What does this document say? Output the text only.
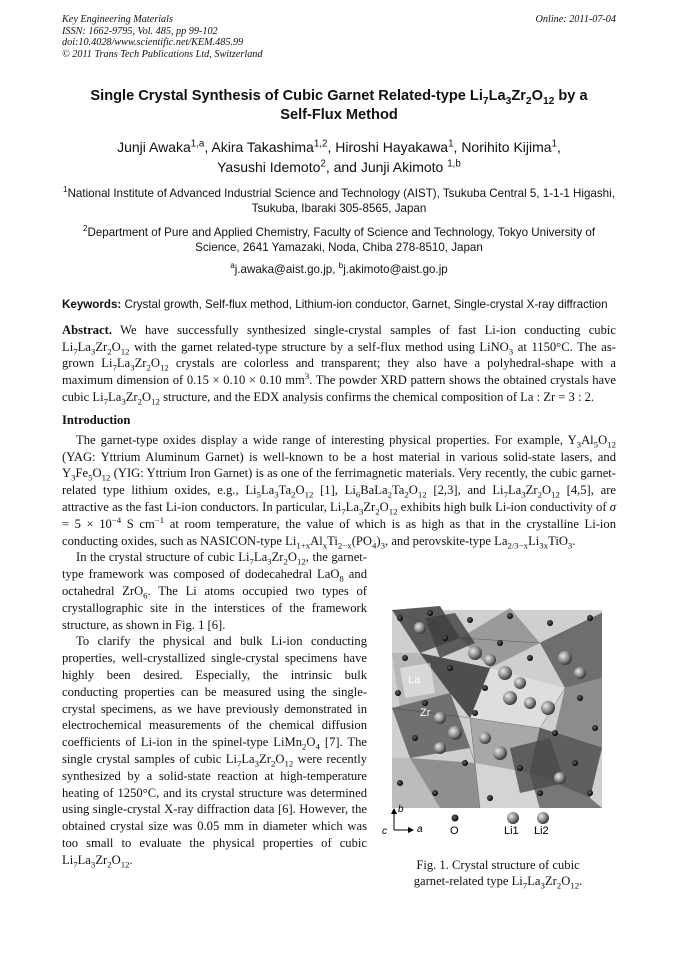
Key Engineering Materials
ISSN: 1662-9795, Vol. 485, pp 99-102
doi:10.4028/www.scientific.net/KEM.485.99
© 2011 Trans Tech Publications Ltd, Switzerland
Online: 2011-07-04
Single Crystal Synthesis of Cubic Garnet Related-type $Li_7La_3Zr_2O_{12}$ by a
Self-Flux Method
Junji Awaka$^{1,a}$, Akira Takashima$^{1,2}$, Hiroshi Hayakawa$^1$, Norihito Kijima$^1$,
Yasushi Idemoto$^2$, and Junji Akimoto $^{1,b}$
$^1$National Institute of Advanced Industrial Science and Technology (AIST), Tsukuba Central 5, 1-1-1 Higashi, Tsukuba, Ibaraki 305-8565, Japan
$^2$Department of Pure and Applied Chemistry, Faculty of Science and Technology, Tokyo University of Science, 2641 Yamazaki, Noda, Chiba 278-8510, Japan
$^a$j.awaka@aist.go.jp, $^b$j.akimoto@aist.go.jp
Keywords: Crystal growth, Self-flux method, Lithium-ion conductor, Garnet, Single-crystal X-ray diffraction
Abstract. We have successfully synthesized single-crystal samples of fast Li-ion conducting cubic $Li_7La_3Zr_2O_{12}$ with the garnet related-type structure by a self-flux method using LiNO$_3$ at 1150°C. The as-grown $Li_7La_3Zr_2O_{12}$ crystals are colorless and transparent; they also have a polyhedral-shape with a maximum dimension of 0.15 × 0.10 × 0.10 $mm^3$. The powder XRD pattern shows the obtained crystals have cubic $Li_7La_3Zr_2O_{12}$ structure, and the EDX analysis confirms the chemical composition of La : Zr = 3 : 2.
Introduction

The garnet-type oxides display a wide range of interesting physical properties. For example, $Y_3Al_5O_{12}$ (YAG: Yttrium Aluminum Garnet) is well-known to be a host material in various solid-state lasers, and $Y_3Fe_5O_{12}$ (YIG: Yttrium Iron Garnet) is as one of the ferrimagnetic materials. Very recently, the cubic garnet-related type lithium oxides, e.g., $Li_5La_3Ta_2O_{12}$ [1], $Li_6BaLa_2Ta_2O_{12}$ [2,3], and $Li_7La_3Zr_2O_{12}$ [4,5], are attractive as the fast Li-ion conductors. In particular, $Li_7La_3Zr_2O_{12}$ exhibits high bulk Li-ion conductivity of $\sigma = 5 \times 10^{-4}$ S $cm^{-1}$ at room temperature, the value of which is as high as that in the crystalline Li-ion conducting oxides, such as NASICON-type $Li_{1+x}Al_xTi_{2-x}(PO_4)_3$, and perovskite-type $La_{2/3-x}Li_{3x}TiO_3$.

In the crystal structure of cubic $Li_7La_3Zr_2O_{12}$, the garnet-type framework was composed of dodecahedral LaO$_8$ and octahedral ZrO$_6$. The Li atoms occupied two types of crystallographic site in the interstices of the framework structure, as shown in Fig. 1 [6].

To clarify the physical and bulk Li-ion conducting properties, well-crystallized single-crystal specimens have highly been desired. Especially, the intrinsic bulk conducting properties can be measured using the single-crystal specimens, as we have previously demonstrated in electrochemical measurements of the chemical diffusion coefficients of Li-ion in the spinel-type $LiMn_2O_4$ [7]. The single crystal samples of cubic $Li_7La_3Zr_2O_{12}$ were recently synthesized by a solid-state reaction at high-temperature heating of 1250°C, and its crystal structure was determined using single-crystal X-ray diffraction data [6]. However, the obtained crystal size was 0.05 mm in diameter which was too small to evaluate the physical properties of cubic $Li_7La_3Zr_2O_{12}$.

La
Zr
b
c	a O	Li1 Li2
Fig. 1. Crystal structure of cubic
garnet-related type $Li_7La_3Zr_2O_{12}$.
